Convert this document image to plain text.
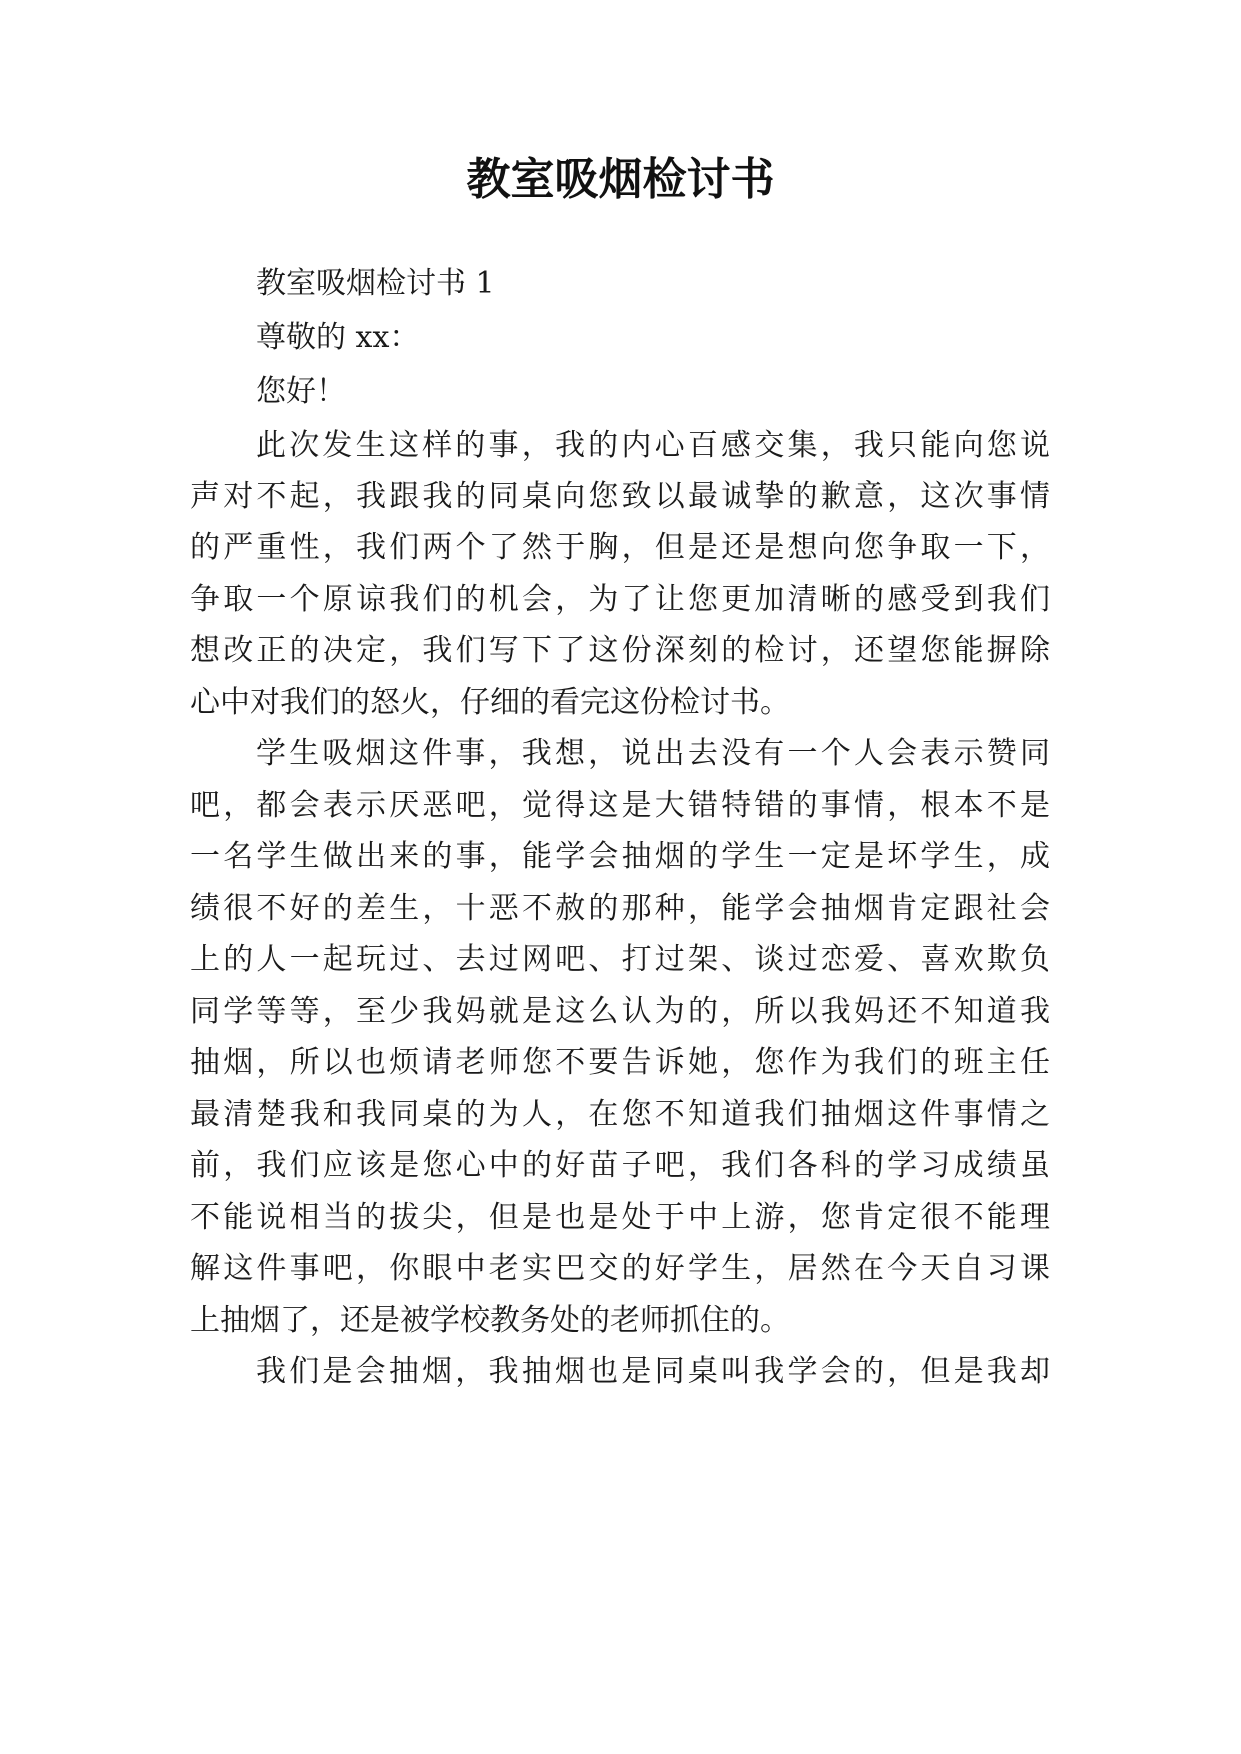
教室吸烟检讨书
教室吸烟检讨书 1
尊敬的 xx：
您好！
此次发生这样的事，我的内心百感交集，我只能向您说
声对不起，我跟我的同桌向您致以最诚挚的歉意，这次事情
的严重性，我们两个了然于胸，但是还是想向您争取一下，
争取一个原谅我们的机会，为了让您更加清晰的感受到我们
想改正的决定，我们写下了这份深刻的检讨，还望您能摒除
心中对我们的怒火，仔细的看完这份检讨书。
学生吸烟这件事，我想，说出去没有一个人会表示赞同
吧，都会表示厌恶吧，觉得这是大错特错的事情，根本不是
一名学生做出来的事，能学会抽烟的学生一定是坏学生，成
绩很不好的差生，十恶不赦的那种，能学会抽烟肯定跟社会
上的人一起玩过、去过网吧、打过架、谈过恋爱、喜欢欺负
同学等等，至少我妈就是这么认为的，所以我妈还不知道我
抽烟，所以也烦请老师您不要告诉她，您作为我们的班主任
最清楚我和我同桌的为人，在您不知道我们抽烟这件事情之
前，我们应该是您心中的好苗子吧，我们各科的学习成绩虽
不能说相当的拔尖，但是也是处于中上游，您肯定很不能理
解这件事吧，你眼中老实巴交的好学生，居然在今天自习课
上抽烟了，还是被学校教务处的老师抓住的。
我们是会抽烟，我抽烟也是同桌叫我学会的，但是我却
